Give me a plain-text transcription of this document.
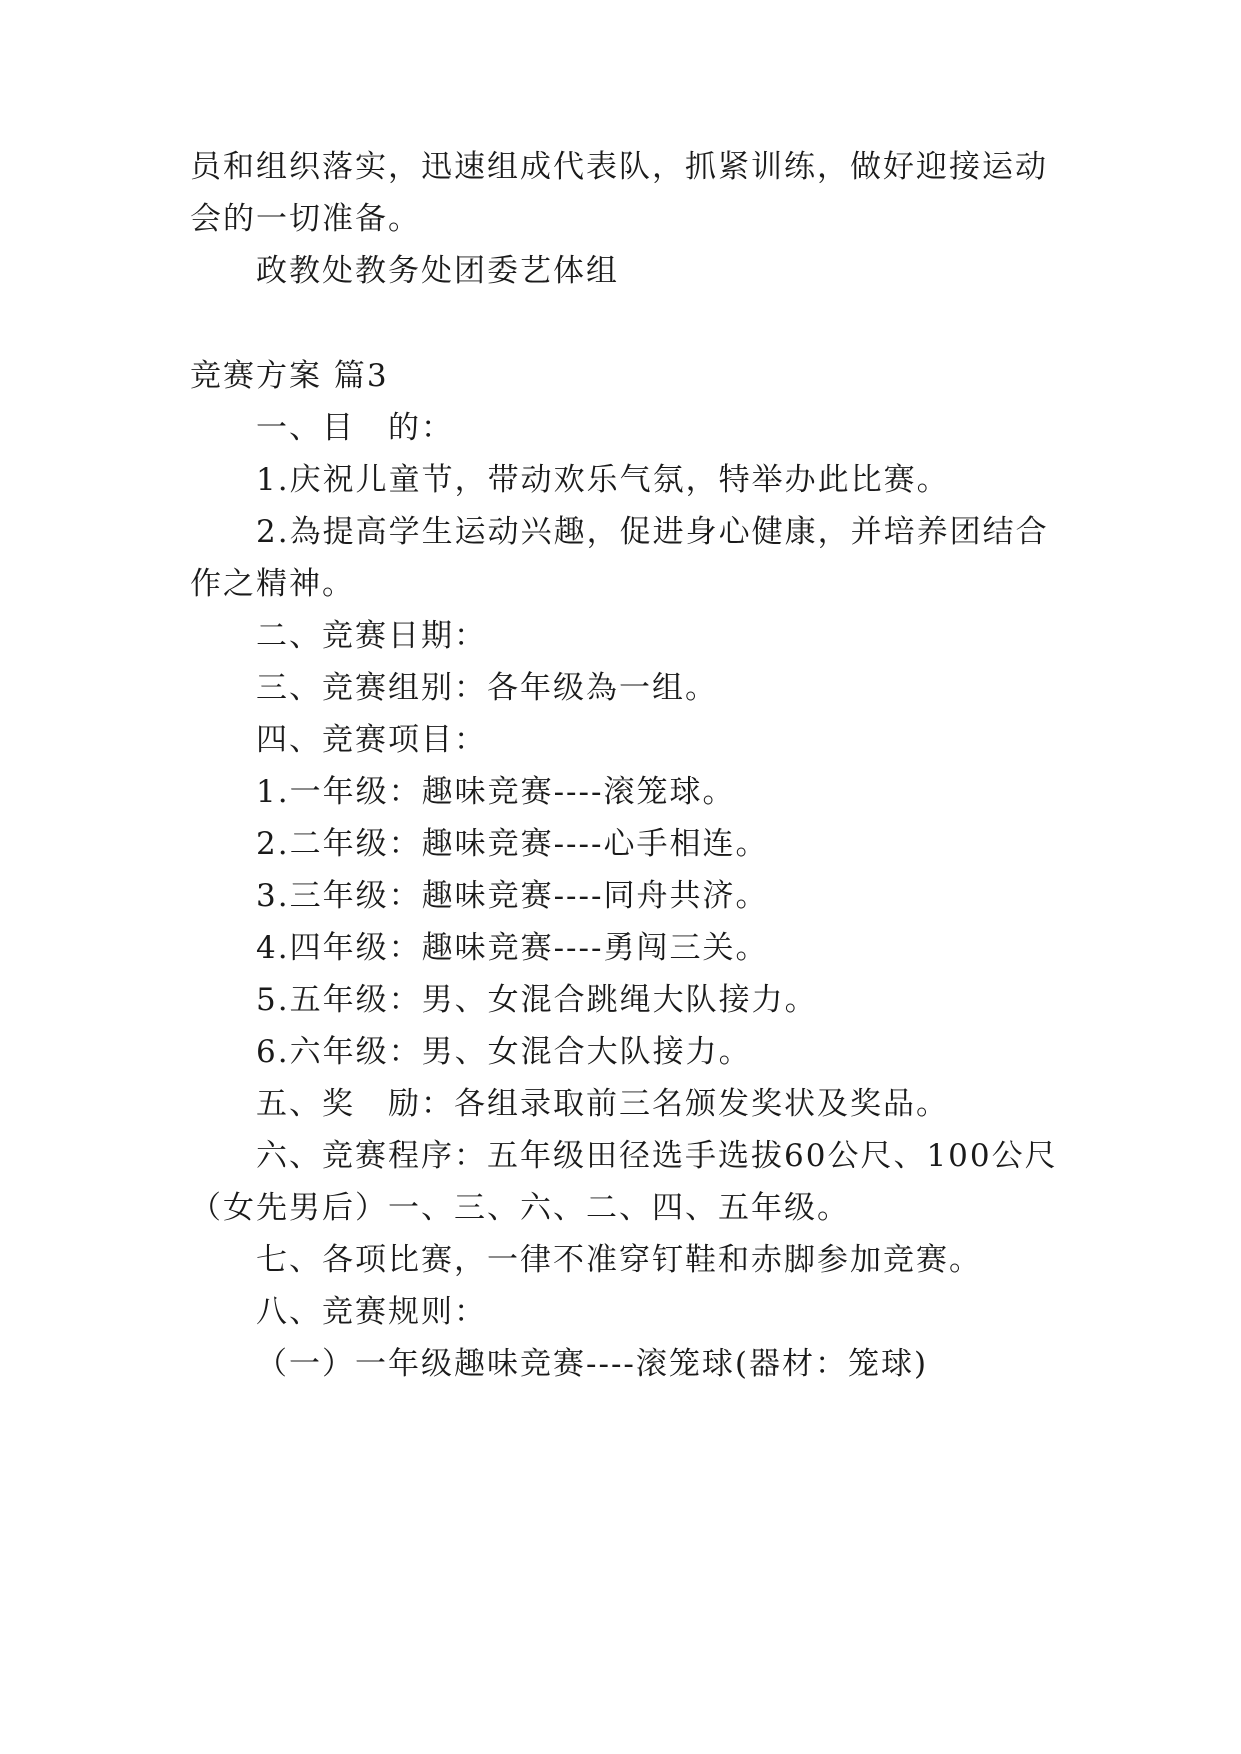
员和组织落实，迅速组成代表队，抓紧训练，做好迎接运动
会的一切准备。
政教处教务处团委艺体组
竞赛方案 篇3
一、目　的：
1.庆祝儿童节，带动欢乐气氛，特举办此比赛。
2.為提高学生运动兴趣，促进身心健康，并培养团结合
作之精神。
二、竞赛日期：
三、竞赛组别：各年级為一组。
四、竞赛项目：
1.一年级：趣味竞赛----滚笼球。
2.二年级：趣味竞赛----心手相连。
3.三年级：趣味竞赛----同舟共济。
4.四年级：趣味竞赛----勇闯三关。
5.五年级：男、女混合跳绳大队接力。
6.六年级：男、女混合大队接力。
五、奖　励：各组录取前三名颁发奖状及奖品。
六、竞赛程序：五年级田径选手选拔60公尺、100公尺
（女先男后）一、三、六、二、四、五年级。
七、各项比赛，一律不准穿钉鞋和赤脚参加竞赛。
八、竞赛规则：
（一）一年级趣味竞赛----滚笼球(器材：笼球)
